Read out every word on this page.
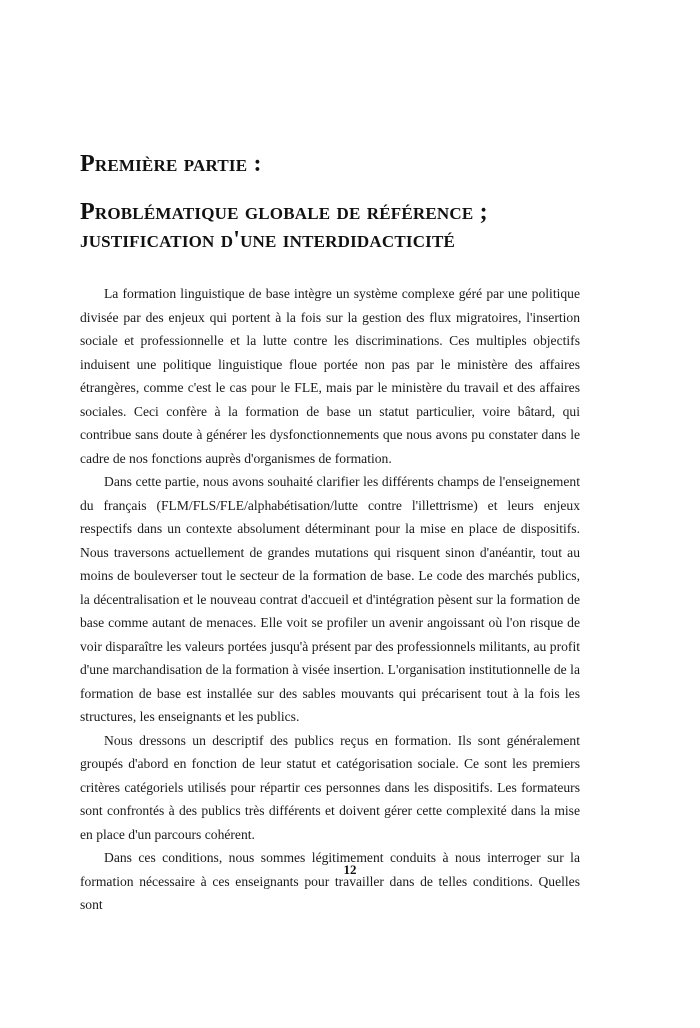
Première partie :
Problématique globale de référence ;
justification d'une interdidacticité

La formation linguistique de base intègre un système complexe géré par une politique divisée par des enjeux qui portent à la fois sur la gestion des flux migratoires, l'insertion sociale et professionnelle et la lutte contre les discriminations. Ces multiples objectifs induisent une politique linguistique floue portée non pas par le ministère des affaires étrangères, comme c'est le cas pour le FLE, mais par le ministère du travail et des affaires sociales. Ceci confère à la formation de base un statut particulier, voire bâtard, qui contribue sans doute à générer les dysfonctionnements que nous avons pu constater dans le cadre de nos fonctions auprès d'organismes de formation.

Dans cette partie, nous avons souhaité clarifier les différents champs de l'enseignement du français (FLM/FLS/FLE/alphabétisation/lutte contre l'illettrisme) et leurs enjeux respectifs dans un contexte absolument déterminant pour la mise en place de dispositifs. Nous traversons actuellement de grandes mutations qui risquent sinon d'anéantir, tout au moins de bouleverser tout le secteur de la formation de base. Le code des marchés publics, la décentralisation et le nouveau contrat d'accueil et d'intégration pèsent sur la formation de base comme autant de menaces. Elle voit se profiler un avenir angoissant où l'on risque de voir disparaître les valeurs portées jusqu'à présent par des professionnels militants, au profit d'une marchandisation de la formation à visée insertion. L'organisation institutionnelle de la formation de base est installée sur des sables mouvants qui précarisent tout à la fois les structures, les enseignants et les publics.

Nous dressons un descriptif des publics reçus en formation. Ils sont généralement groupés d'abord en fonction de leur statut et catégorisation sociale. Ce sont les premiers critères catégoriels utilisés pour répartir ces personnes dans les dispositifs. Les formateurs sont confrontés à des publics très différents et doivent gérer cette complexité dans la mise en place d'un parcours cohérent.

Dans ces conditions, nous sommes légitimement conduits à nous interroger sur la formation nécessaire à ces enseignants pour travailler dans de telles conditions. Quelles sont

12
